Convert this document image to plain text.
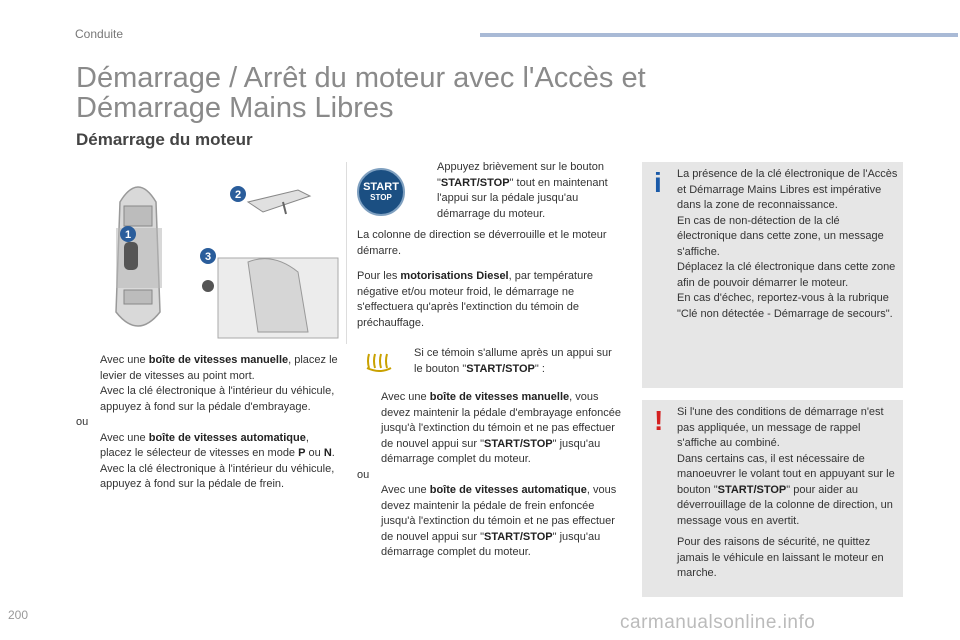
Conduite
Démarrage / Arrêt du moteur avec l'Accès et
Démarrage Mains Libres
Démarrage du moteur
1
2
3

Avec une boîte de vitesses manuelle, placez le levier de vitesses au point mort.

Avec la clé électronique à l'intérieur du véhicule, appuyez à fond sur la pédale d'embrayage.

ou

Avec une boîte de vitesses automatique, placez le sélecteur de vitesses en mode P ou N.

Avec la clé électronique à l'intérieur du véhicule, appuyez à fond sur la pédale de frein.

START
STOP

Appuyez brièvement sur le bouton "START/STOP" tout en maintenant l'appui sur la pédale jusqu'au démarrage du moteur.

La colonne de direction se déverrouille et le moteur démarre.
Pour les motorisations Diesel, par température négative et/ou moteur froid, le démarrage ne s'effectuera qu'après l'extinction du témoin de préchauffage.
Si ce témoin s'allume après un appui sur le bouton "START/STOP" :

Avec une boîte de vitesses manuelle, vous devez maintenir la pédale d'embrayage enfoncée jusqu'à l'extinction du témoin et ne pas effectuer de nouvel appui sur "START/STOP" jusqu'au démarrage complet du moteur.

ou

Avec une boîte de vitesses automatique, vous devez maintenir la pédale de frein enfoncée jusqu'à l'extinction du témoin et ne pas effectuer de nouvel appui sur "START/STOP" jusqu'au démarrage complet du moteur.

i La présence de la clé électronique de l'Accès et Démarrage Mains Libres est impérative dans la zone de reconnaissance.

En cas de non-détection de la clé électronique dans cette zone, un message s'affiche.

Déplacez la clé électronique dans cette zone afin de pouvoir démarrer le moteur.

En cas d'échec, reportez-vous à la rubrique "Clé non détectée - Démarrage de secours".

! Si l'une des conditions de démarrage n'est pas appliquée, un message de rappel s'affiche au combiné.

Dans certains cas, il est nécessaire de manoeuvrer le volant tout en appuyant sur le bouton "START/STOP" pour aider au déverrouillage de la colonne de direction, un message vous en avertit.

Pour des raisons de sécurité, ne quittez jamais le véhicule en laissant le moteur en marche.

200	carmanualsonline.info
